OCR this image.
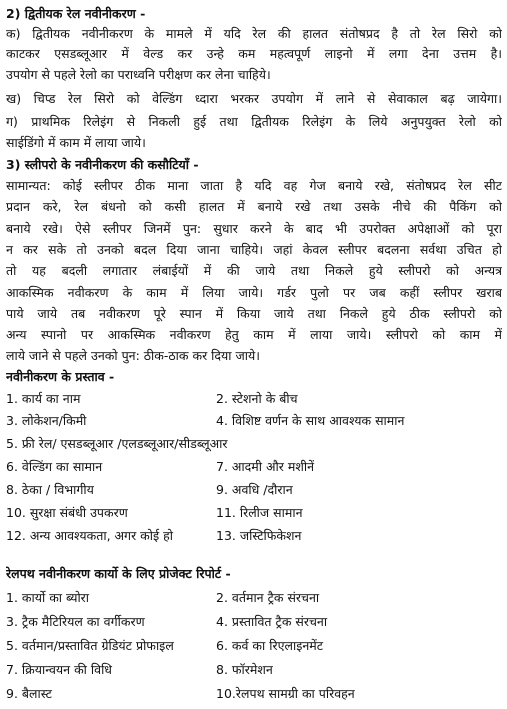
2) द्वितीयक रेल नवीनीकरण -
क) द्वितीयक नवीनीकरण के मामले में यदि रेल की हालत संतोषप्रद है तो रेल सिरो को
काटकर एसडब्लूआर में वेल्ड कर उन्हे कम महत्वपूर्ण लाइनो में लगा देना उत्तम है।
उपयोग से पहले रेलो का पराध्वनि परीक्षण कर लेना चाहिये।
ख) चिप्ड रेल सिरो को वेल्डिंग ध्दारा भरकर उपयोग में लाने से सेवाकाल बढ़ जायेगा।
ग) प्राथमिक रिलेइंग से निकली हुई तथा द्वितीयक रिलेइंग के लिये अनुपयुक्त रेलो को
साईडिंगो में काम में लाया जाये।
3) स्लीपरो के नवीनीकरण की कसौटियाँ -
सामान्यत: कोई स्लीपर ठीक माना जाता है यदि वह गेज बनाये रखे, संतोषप्रद रेल सीट
प्रदान करे, रेल बंधनो को कसी हालत में बनाये रखे तथा उसके नीचे की पैकिंग को
बनाये रखे। ऐसे स्लीपर जिनमें पुन: सुधार करने के बाद भी उपरोक्त अपेक्षाओं को पूरा
न कर सके तो उनको बदल दिया जाना चाहिये। जहां केवल स्लीपर बदलना सर्वथा उचित हो
तो यह बदली लगातार लंबाईयों में की जाये तथा निकले हुये स्लीपरो को अन्यत्र
आकस्मिक नवीकरण के काम में लिया जाये। गर्डर पुलो पर जब कहीं स्लीपर खराब
पाये जाये तब नवीकरण पूरे स्पान में किया जाये तथा निकले हुये ठीक स्लीपरो को
अन्य स्पानो पर आकस्मिक नवीकरण हेतु काम में लाया जाये। स्लीपरो को काम में
लाये जाने से पहले उनको पुन: ठीक-ठाक कर दिया जाये।
नवीनीकरण के प्रस्ताव -
1. कार्य का नाम	2. स्टेशनो के बीच
3. लोकेशन/किमी	4. विशिष्ट वर्णन के साथ आवश्यक सामान
5. फ्री रेल/ एसडब्लूआर /एलडब्लूआर/सीडब्लूआर
6. वेल्डिंग का सामान	7. आदमी और मशीनें
8. ठेका / विभागीय	9. अवधि /दौरान
10. सुरक्षा संबंधी उपकरण	11. रिलीज सामान
12. अन्य आवश्यकता, अगर कोई हो	13. जस्टिफिकेशन
रेलपथ नवीनीकरण कार्यो के लिए प्रोजेक्ट रिपोर्ट -
1. कार्यो का ब्योरा	2. वर्तमान ट्रैक संरचना
3. ट्रैक मैटिरियल का वर्गीकरण	4. प्रस्तावित ट्रैक संरचना
5. वर्तमान/प्रस्तावित ग्रेडियंट प्रोफाइल	6. कर्व का रिएलाइनमेंट
7. क्रियान्वयन की विधि	8. फॉरमेशन
9. बैलास्ट	10.रेलपथ सामग्री का परिवहन
